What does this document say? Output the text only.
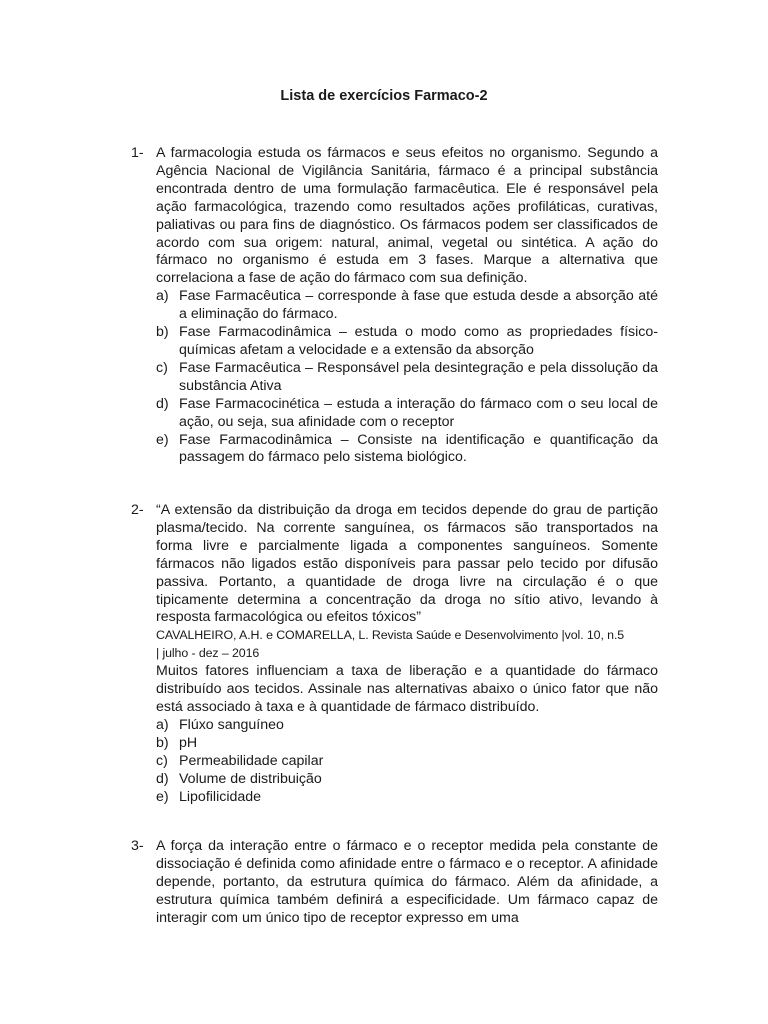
Lista de exercícios Farmaco-2
1- A farmacologia estuda os fármacos e seus efeitos no organismo. Segundo a Agência Nacional de Vigilância Sanitária, fármaco é a principal substância encontrada dentro de uma formulação farmacêutica. Ele é responsável pela ação farmacológica, trazendo como resultados ações profiláticas, curativas, paliativas ou para fins de diagnóstico. Os fármacos podem ser classificados de acordo com sua origem: natural, animal, vegetal ou sintética. A ação do fármaco no organismo é estuda em 3 fases. Marque a alternativa que correlaciona a fase de ação do fármaco com sua definição.

a) Fase Farmacêutica – corresponde à fase que estuda desde a absorção até a eliminação do fármaco.
b) Fase Farmacodinâmica – estuda o modo como as propriedades físico-químicas afetam a velocidade e a extensão da absorção
c) Fase Farmacêutica – Responsável pela desintegração e pela dissolução da substância Ativa
d) Fase Farmacocinética – estuda a interação do fármaco com o seu local de ação, ou seja, sua afinidade com o receptor
e) Fase Farmacodinâmica – Consiste na identificação e quantificação da passagem do fármaco pelo sistema biológico.
2- “A extensão da distribuição da droga em tecidos depende do grau de partição plasma/tecido. Na corrente sanguínea, os fármacos são transportados na forma livre e parcialmente ligada a componentes sanguíneos. Somente fármacos não ligados estão disponíveis para passar pelo tecido por difusão passiva. Portanto, a quantidade de droga livre na circulação é o que tipicamente determina a concentração da droga no sítio ativo, levando à resposta farmacológica ou efeitos tóxicos”

CAVALHEIRO, A.H. e COMARELLA, L. Revista Saúde e Desenvolvimento |vol. 10, n.5

| julho - dez – 2016

Muitos fatores influenciam a taxa de liberação e a quantidade do fármaco distribuído aos tecidos. Assinale nas alternativas abaixo o único fator que não está associado à taxa e à quantidade de fármaco distribuído.

a) Flúxo sanguíneo
b) pH
c) Permeabilidade capilar
d) Volume de distribuição
e) Lipofilicidade
3- A força da interação entre o fármaco e o receptor medida pela constante de dissociação é definida como afinidade entre o fármaco e o receptor. A afinidade depende, portanto, da estrutura química do fármaco. Além da afinidade, a estrutura química também definirá a especificidade. Um fármaco capaz de interagir com um único tipo de receptor expresso em uma
